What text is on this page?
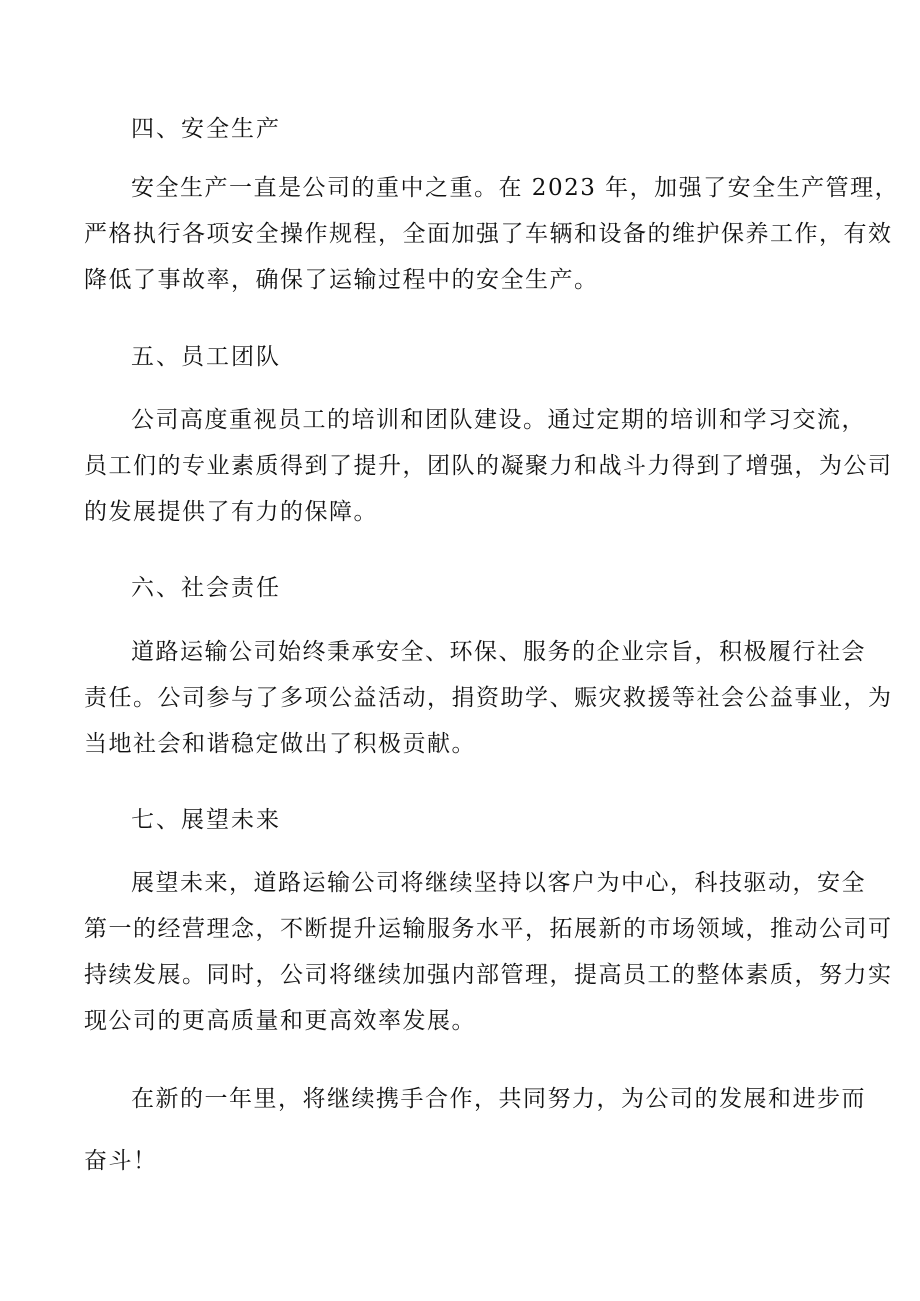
四、安全生产

安全生产一直是公司的重中之重。在 2023 年，加强了安全生产管理，

严格执行各项安全操作规程，全面加强了车辆和设备的维护保养工作，有效

降低了事故率，确保了运输过程中的安全生产。

五、员工团队

公司高度重视员工的培训和团队建设。通过定期的培训和学习交流，

员工们的专业素质得到了提升，团队的凝聚力和战斗力得到了增强，为公司

的发展提供了有力的保障。

六、社会责任

道路运输公司始终秉承安全、环保、服务的企业宗旨，积极履行社会

责任。公司参与了多项公益活动，捐资助学、赈灾救援等社会公益事业，为

当地社会和谐稳定做出了积极贡献。

七、展望未来

展望未来，道路运输公司将继续坚持以客户为中心，科技驱动，安全

第一的经营理念，不断提升运输服务水平，拓展新的市场领域，推动公司可

持续发展。同时，公司将继续加强内部管理，提高员工的整体素质，努力实

现公司的更高质量和更高效率发展。

在新的一年里，将继续携手合作，共同努力，为公司的发展和进步而

奋斗！
